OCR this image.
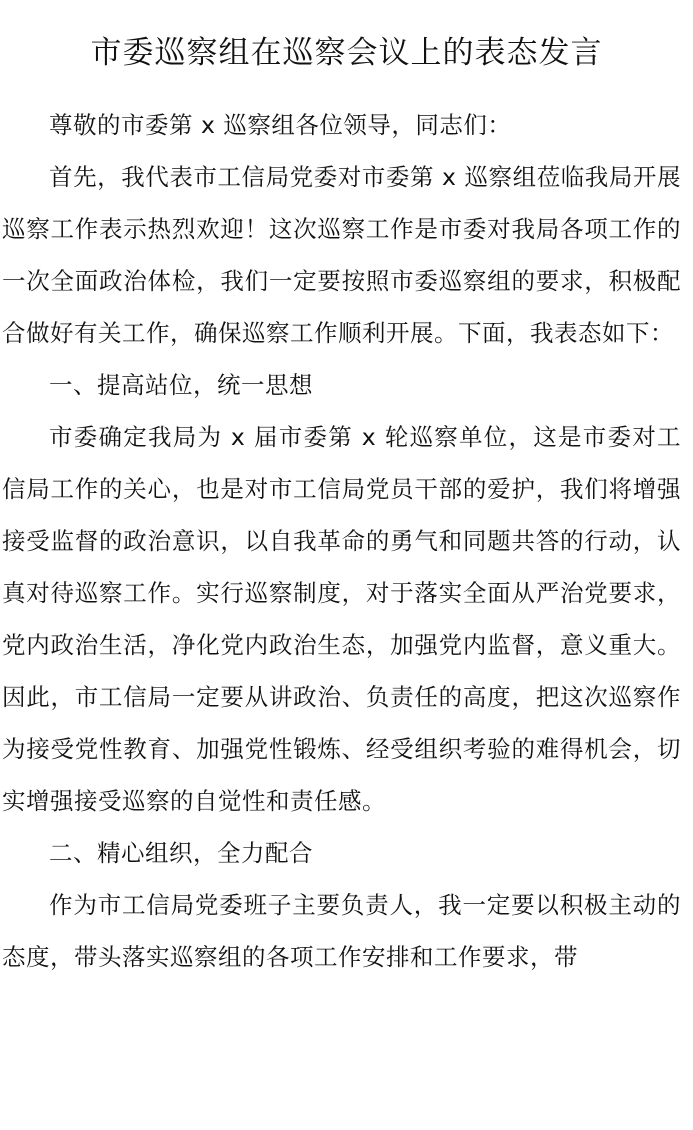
市委巡察组在巡察会议上的表态发言

尊敬的市委第 x 巡察组各位领导，同志们：

首先，我代表市工信局党委对市委第 x 巡察组莅临我局开展巡察工作表示热烈欢迎！这次巡察工作是市委对我局各项工作的一次全面政治体检，我们一定要按照市委巡察组的要求，积极配合做好有关工作，确保巡察工作顺利开展。下面，我表态如下：

一、提高站位，统一思想

市委确定我局为 x 届市委第 x 轮巡察单位，这是市委对工信局工作的关心，也是对市工信局党员干部的爱护，我们将增强接受监督的政治意识，以自我革命的勇气和同题共答的行动，认真对待巡察工作。实行巡察制度，对于落实全面从严治党要求，党内政治生活，净化党内政治生态，加强党内监督，意义重大。因此，市工信局一定要从讲政治、负责任的高度，把这次巡察作为接受党性教育、加强党性锻炼、经受组织考验的难得机会，切实增强接受巡察的自觉性和责任感。

二、精心组织，全力配合

作为市工信局党委班子主要负责人，我一定要以积极主动的态度，带头落实巡察组的各项工作安排和工作要求，带
